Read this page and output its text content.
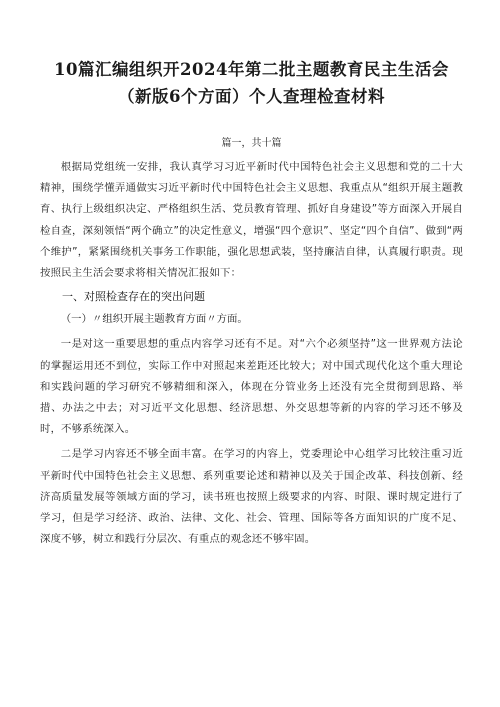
10篇汇编组织开2024年第二批主题教育民主生活会
（新版6个方面）个人查理检查材料
篇一，共十篇

根据局党组统一安排，我认真学习习近平新时代中国特色社会主义思想和党的二十大精神，围绕学懂弄通做实习近平新时代中国特色社会主义思想、我重点从“组织开展主题教育、执行上级组织决定、严格组织生活、党员教育管理、抓好自身建设”等方面深入开展自检自查，深刻领悟“两个确立”的决定性意义，增强“四个意识”、坚定“四个自信”、做到“两个维护”，紧紧围绕机关事务工作职能，强化思想武装，坚持廉洁自律，认真履行职责。现按照民主生活会要求将相关情况汇报如下：

一、对照检查存在的突出问题
（一）〃组织开展主题教育方面〃方面。

一是对这一重要思想的重点内容学习还有不足。对“六个必须坚持”这一世界观方法论的掌握运用还不到位，实际工作中对照起来差距还比较大；对中国式现代化这个重大理论和实践问题的学习研究不够精细和深入，体现在分管业务上还没有完全贯彻到思路、举措、办法之中去；对习近平文化思想、经济思想、外交思想等新的内容的学习还不够及时，不够系统深入。

二是学习内容还不够全面丰富。在学习的内容上，党委理论中心组学习比较注重习近平新时代中国特色社会主义思想、系列重要论述和精神以及关于国企改革、科技创新、经济高质量发展等领域方面的学习，读书班也按照上级要求的内容、时限、课时规定进行了学习，但是学习经济、政治、法律、文化、社会、管理、国际等各方面知识的广度不足、深度不够，树立和践行分层次、有重点的观念还不够牢固。
